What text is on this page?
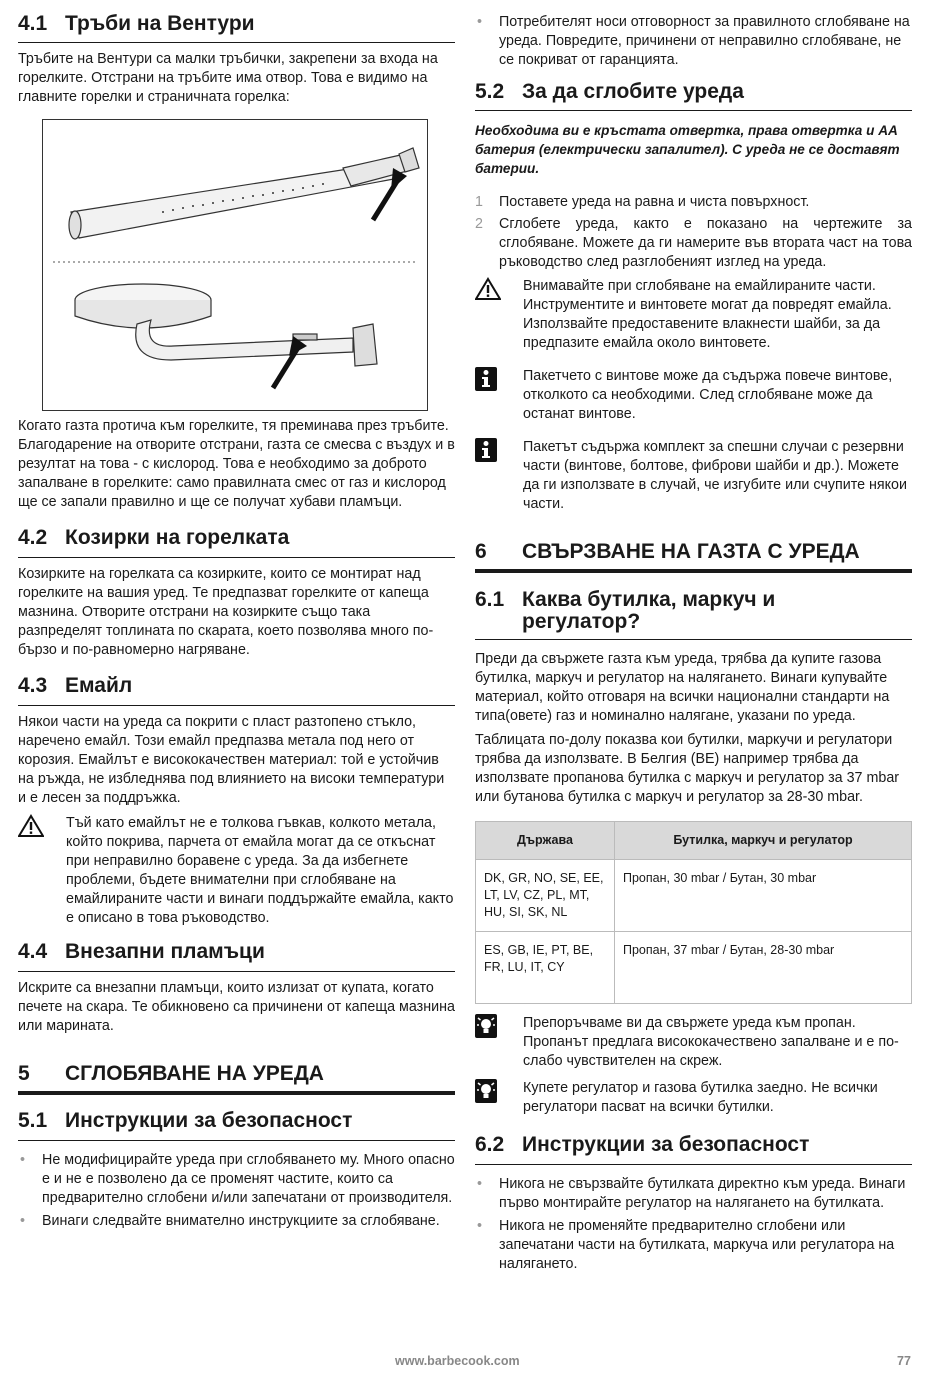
4.1 Тръби на Вентури

Тръбите на Вентури са малки тръбички, закрепени за входа на горелките. Отстрани на тръбите има отвор. Това е видимо на главните горелки и страничната горелка:

Когато газта протича към горелките, тя преминава през тръбите. Благодарение на отворите отстрани, газта се смесва с въздух и в резултат на това - с кислород. Това е необходимо за доброто запалване в горелките: само правилната смес от газ и кислород ще се запали правилно и ще се получат хубави пламъци.

4.2 Козирки на горелката

Козирките на горелката са козирките, които се монтират над горелките на вашия уред. Те предпазват горелките от капеща мазнина. Отворите отстрани на козирките също така разпределят топлината по скарата, което позволява много по-бързо и по-равномерно нагряване.

4.3 Емайл

Някои части на уреда са покрити с пласт разтопено стъкло, наречено емайл. Този емайл предпазва метала под него от корозия. Емайлът е висококачествен материал: той е устойчив на ръжда, не избледнява под влиянието на високи температури и е лесен за поддръжка.

Тъй като емайлът не е толкова гъвкав, колкото метала, който покрива, парчета от емайла могат да се откъснат при неправилно боравене с уреда. За да избегнете проблеми, бъдете внимателни при сглобяване на емайлираните части и винаги поддържайте емайла, както е описано в това ръководство.

4.4 Внезапни пламъци

Искрите са внезапни пламъци, които излизат от купата, когато печете на скара. Те обикновено са причинени от капеща мазнина или марината.

5	СГЛОБЯВАНЕ НА УРЕДА
5.1 Инструкции за безопасност
• Не модифицирайте уреда при сглобяването му. Много опасно е и не е позволено да се променят частите, които са предварително сглобени и/или запечатани от производителя.
• Винаги следвайте внимателно инструкциите за сглобяване.
• Потребителят носи отговорност за правилното сглобяване на уреда. Повредите, причинени от неправилно сглобяване, не се покриват от гаранцията.
5.2 За да сглобите уреда

Необходима ви е кръстата отвертка, права отвертка и AA батерия (електрически запалител). С уреда не се доставят батерии.

1	Поставете уреда на равна и чиста повърхност.
2	Сглобете уреда, както е показано на чертежите за сглобяване. Можете да ги намерите във втората част на това ръководство след разглобеният изглед на уреда.

Внимавайте при сглобяване на емайлираните части. Инструментите и винтовете могат да повредят емайла. Използвайте предоставените влакнести шайби, за да предпазите емайла около винтовете.

Пакетчето с винтове може да съдържа повече винтове, отколкото са необходими. След сглобяване може да останат винтове.

Пакетът съдържа комплект за спешни случаи с резервни части (винтове, болтове, фиброви шайби и др.). Можете да ги използвате в случай, че изгубите или счупите някои части.

6	СВЪРЗВАНЕ НА ГАЗТА С УРЕДА
6.1 Каква бутилка, маркуч и регулатор?

Преди да свържете газта към уреда, трябва да купите газова бутилка, маркуч и регулатор на налягането. Винаги купувайте материал, който отговаря на всички национални стандарти на типа(овете) газ и номинално налягане, указани по уреда.

Таблицата по-долу показва кои бутилки, маркучи и регулатори трябва да използвате. В Белгия (BE) например трябва да използвате пропанова бутилка с маркуч и регулатор за 37 mbar или бутанова бутилка с маркуч и регулатор за 28-30 mbar.

Държава	Бутилка, маркуч и регулатор
DK, GR, NO, SE, EE, LT, LV, CZ, PL, MT, HU, SI, SK, NL	Пропан, 30 mbar / Бутан, 30 mbar
ES, GB, IE, PT, BE, FR, LU, IT, CY	Пропан, 37 mbar / Бутан, 28-30 mbar

Препоръчваме ви да свържете уреда към пропан. Пропанът предлага висококачествено запалване и е по-слабо чувствителен на скреж.

Купете регулатор и газова бутилка заедно. Не всички регулатори пасват на всички бутилки.

6.2 Инструкции за безопасност
• Никога не свързвайте бутилката директно към уреда. Винаги първо монтирайте регулатор на налягането на бутилката.
• Никога не променяйте предварително сглобени или запечатани части на бутилката, маркуча или регулатора на налягането.
www.barbecook.com	77
